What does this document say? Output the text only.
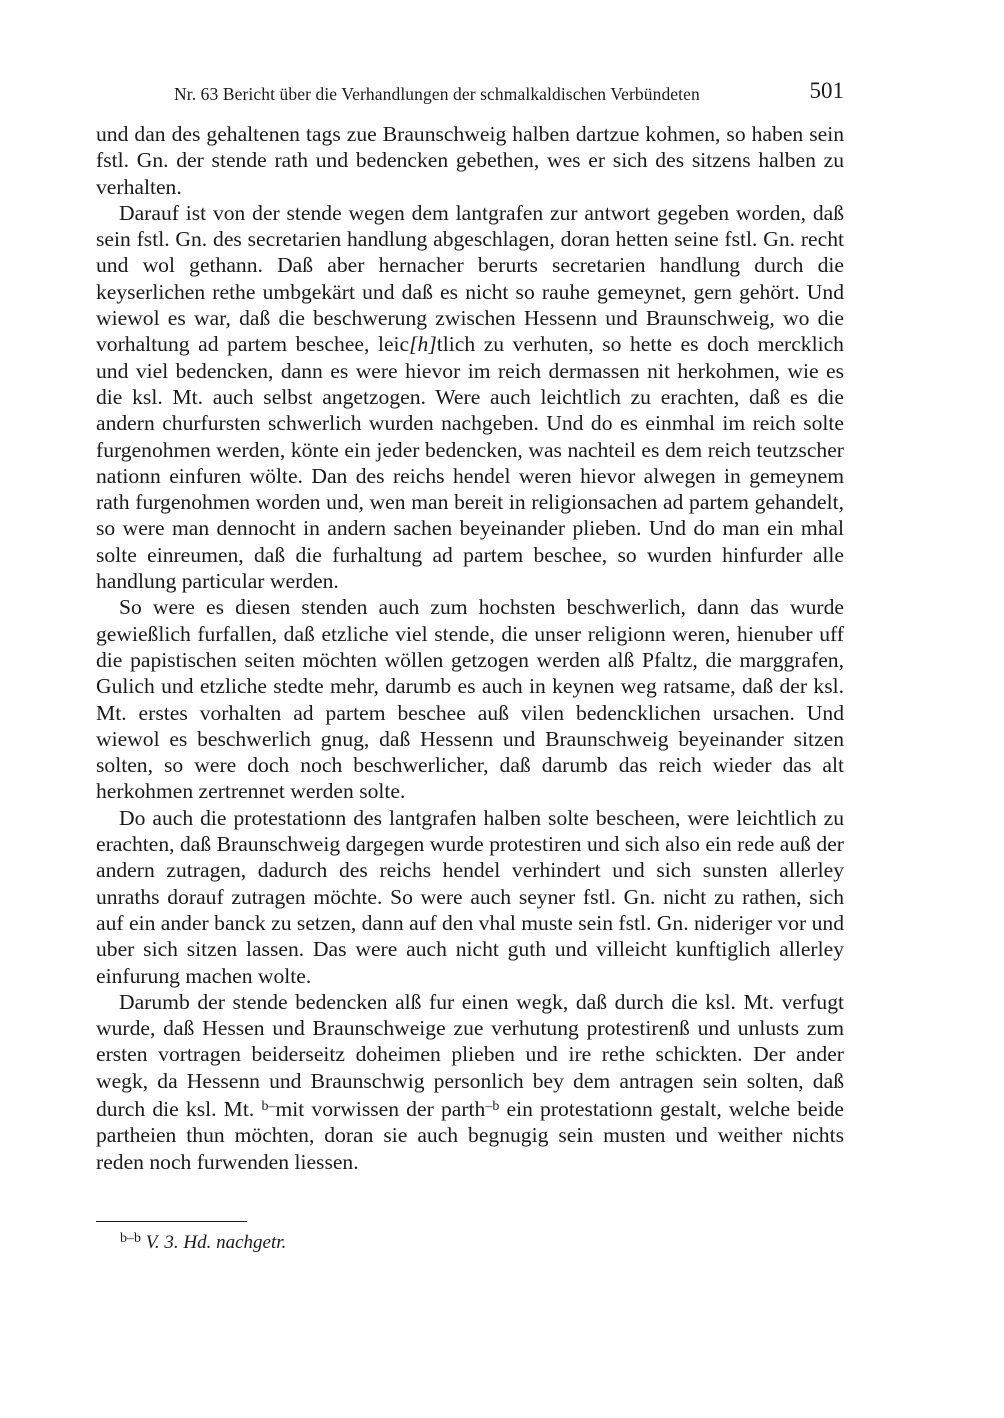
Nr. 63 Bericht über die Verhandlungen der schmalkaldischen Verbündeten	501

und dan des gehaltenen tags zue Braunschweig halben dartzue kohmen, so haben sein fstl. Gn. der stende rath und bedencken gebethen, wes er sich des sitzens halben zu verhalten.

Darauf ist von der stende wegen dem lantgrafen zur antwort gegeben worden, daß sein fstl. Gn. des secretarien handlung abgeschlagen, doran hetten seine fstl. Gn. recht und wol gethann. Daß aber hernacher berurts secretarien handlung durch die keyserlichen rethe umbgekärt und daß es nicht so rauhe gemeynet, gern gehört. Und wiewol es war, daß die beschwerung zwischen Hessenn und Braunschweig, wo die vorhaltung ad partem beschee, leic[h]tlich zu verhuten, so hette es doch mercklich und viel bedencken, dann es were hievor im reich dermassen nit herkohmen, wie es die ksl. Mt. auch selbst angetzogen. Were auch leichtlich zu erachten, daß es die andern churfursten schwerlich wurden nachgeben. Und do es einmhal im reich solte furgenohmen werden, könte ein jeder bedencken, was nachteil es dem reich teutzscher nationn einfuren wölte. Dan des reichs hendel weren hievor alwegen in gemeynem rath furgenohmen worden und, wen man bereit in religionsachen ad partem gehandelt, so were man dennocht in andern sachen beyeinander plieben. Und do man ein mhal solte einreumen, daß die furhaltung ad partem beschee, so wurden hinfurder alle handlung particular werden.

So were es diesen stenden auch zum hochsten beschwerlich, dann das wurde gewießlich furfallen, daß etzliche viel stende, die unser religionn weren, hienuber uff die papistischen seiten möchten wöllen getzogen werden alß Pfaltz, die marggrafen, Gulich und etzliche stedte mehr, darumb es auch in keynen weg ratsame, daß der ksl. Mt. erstes vorhalten ad partem beschee auß vilen bedencklichen ursachen. Und wiewol es beschwerlich gnug, daß Hessenn und Braunschweig beyeinander sitzen solten, so were doch noch beschwerlicher, daß darumb das reich wieder das alt herkohmen zertrennet werden solte.

Do auch die protestationn des lantgrafen halben solte bescheen, were leichtlich zu erachten, daß Braunschweig dargegen wurde protestiren und sich also ein rede auß der andern zutragen, dadurch des reichs hendel verhindert und sich sunsten allerley unraths dorauf zutragen möchte. So were auch seyner fstl. Gn. nicht zu rathen, sich auf ein ander banck zu setzen, dann auf den vhal muste sein fstl. Gn. nideriger vor und uber sich sitzen lassen. Das were auch nicht guth und villeicht kunftiglich allerley einfurung machen wolte.

Darumb der stende bedencken alß fur einen wegk, daß durch die ksl. Mt. verfugt wurde, daß Hessen und Braunschweige zue verhutung protestirenß und unlusts zum ersten vortragen beiderseitz doheimen plieben und ire rethe schickten. Der ander wegk, da Hessenn und Braunschwig personlich bey dem antragen sein solten, daß durch die ksl. Mt. $^{b-}$mit vorwissen der parth$^{-b}$ ein protestationn gestalt, welche beide partheien thun möchten, doran sie auch begnugig sein musten und weither nichts reden noch furwenden liessen.

$^{b-b}$ V. 3. Hd. nachgetr.
